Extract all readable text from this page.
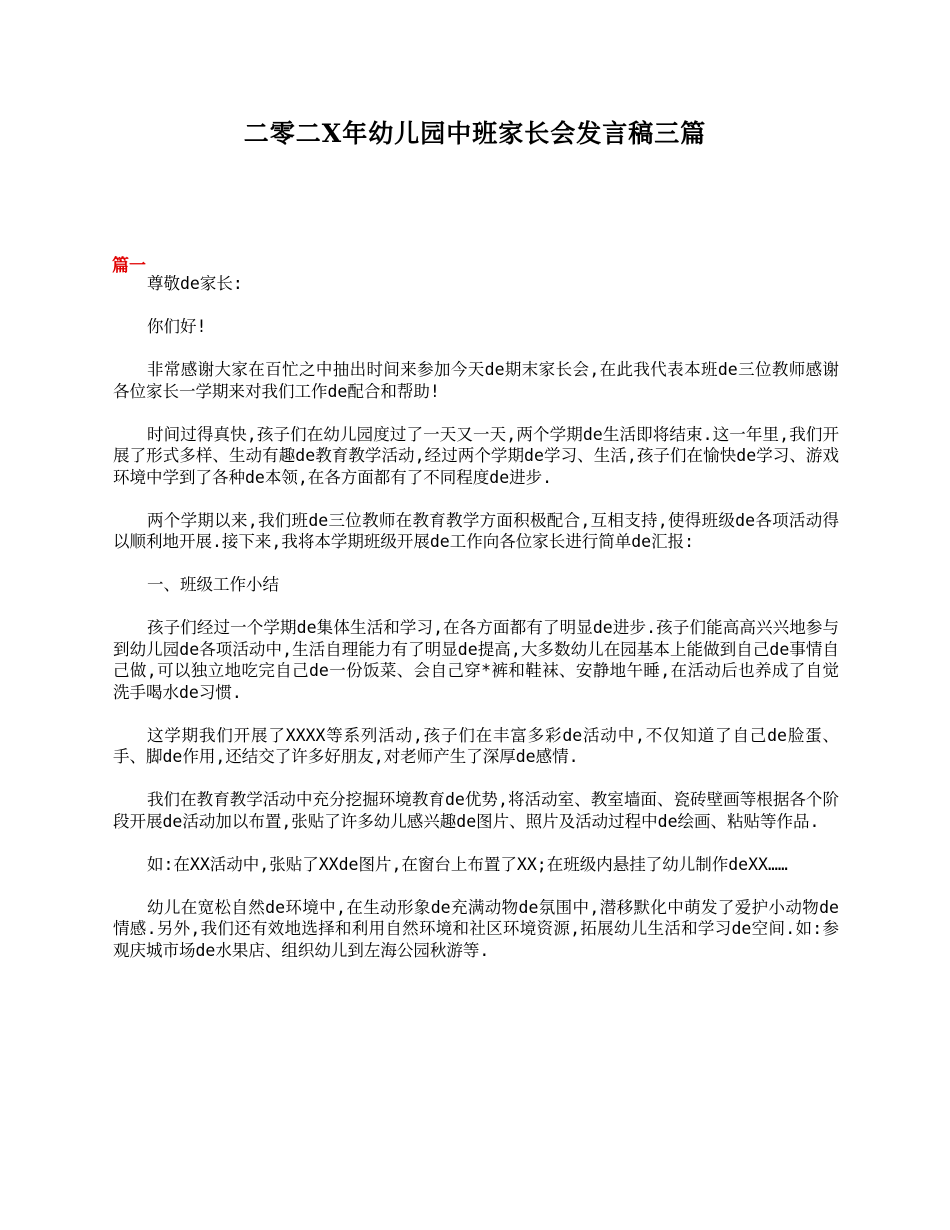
二零二X年幼儿园中班家长会发言稿三篇
篇一

尊敬de家长:

你们好!

非常感谢大家在百忙之中抽出时间来参加今天de期末家长会,在此我代表本班de三位教师感谢各位家长一学期来对我们工作de配合和帮助!

时间过得真快,孩子们在幼儿园度过了一天又一天,两个学期de生活即将结束.这一年里,我们开展了形式多样、生动有趣de教育教学活动,经过两个学期de学习、生活,孩子们在愉快de学习、游戏环境中学到了各种de本领,在各方面都有了不同程度de进步.

两个学期以来,我们班de三位教师在教育教学方面积极配合,互相支持,使得班级de各项活动得以顺利地开展.接下来,我将本学期班级开展de工作向各位家长进行简单de汇报:

一、班级工作小结

孩子们经过一个学期de集体生活和学习,在各方面都有了明显de进步.孩子们能高高兴兴地参与到幼儿园de各项活动中,生活自理能力有了明显de提高,大多数幼儿在园基本上能做到自己de事情自己做,可以独立地吃完自己de一份饭菜、会自己穿*裤和鞋袜、安静地午睡,在活动后也养成了自觉洗手喝水de习惯.

这学期我们开展了XXXX等系列活动,孩子们在丰富多彩de活动中,不仅知道了自己de脸蛋、手、脚de作用,还结交了许多好朋友,对老师产生了深厚de感情.

我们在教育教学活动中充分挖掘环境教育de优势,将活动室、教室墙面、瓷砖壁画等根据各个阶段开展de活动加以布置,张贴了许多幼儿感兴趣de图片、照片及活动过程中de绘画、粘贴等作品.

如:在XX活动中,张贴了XXde图片,在窗台上布置了XX;在班级内悬挂了幼儿制作deXX……

幼儿在宽松自然de环境中,在生动形象de充满动物de氛围中,潜移默化中萌发了爱护小动物de情感.另外,我们还有效地选择和利用自然环境和社区环境资源,拓展幼儿生活和学习de空间.如:参观庆城市场de水果店、组织幼儿到左海公园秋游等.
